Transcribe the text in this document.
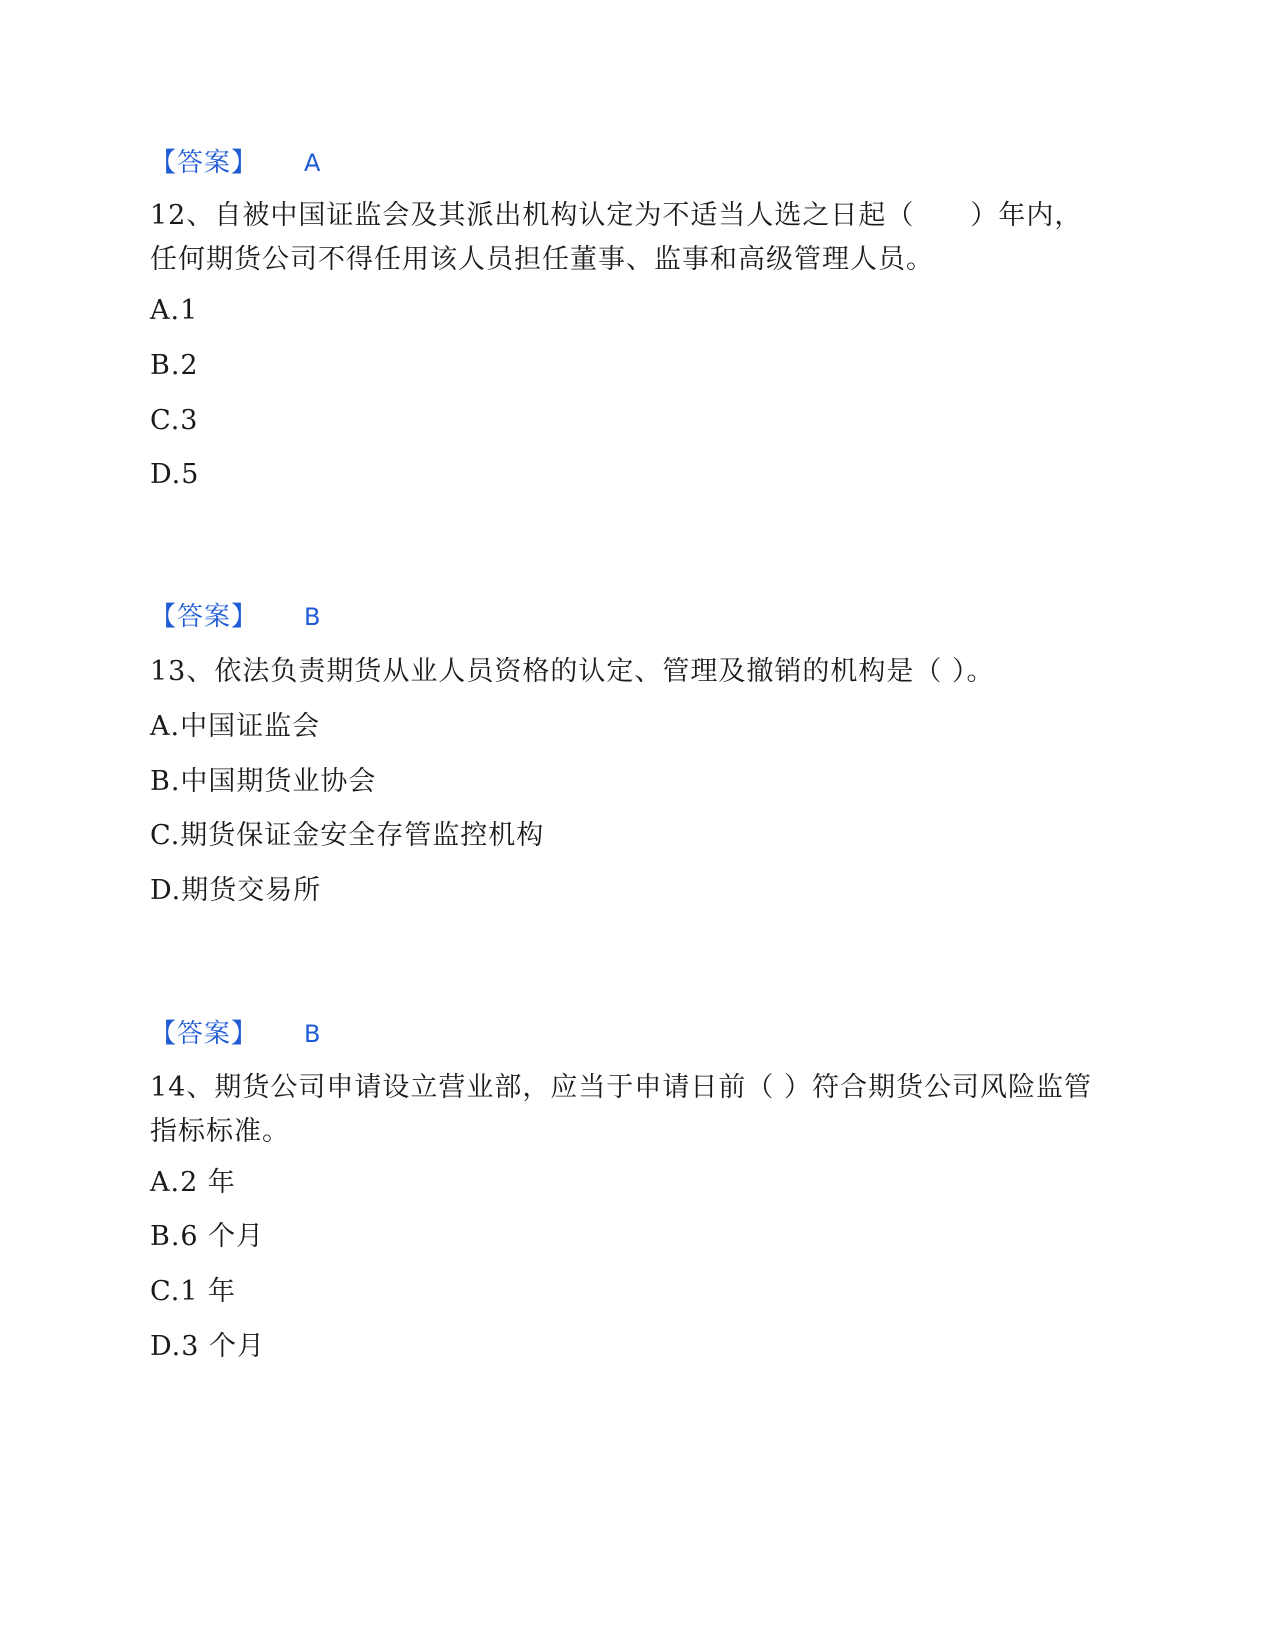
【答案】 A
12、自被中国证监会及其派出机构认定为不适当人选之日起（　　）年内，任何期货公司不得任用该人员担任董事、监事和高级管理人员。
A.1
B.2
C.3
D.5
【答案】 B
13、依法负责期货从业人员资格的认定、管理及撤销的机构是（ ）。
A.中国证监会
B.中国期货业协会
C.期货保证金安全存管监控机构
D.期货交易所
【答案】 B
14、期货公司申请设立营业部，应当于申请日前（ ）符合期货公司风险监管指标标准。
A.2 年
B.6 个月
C.1 年
D.3 个月
